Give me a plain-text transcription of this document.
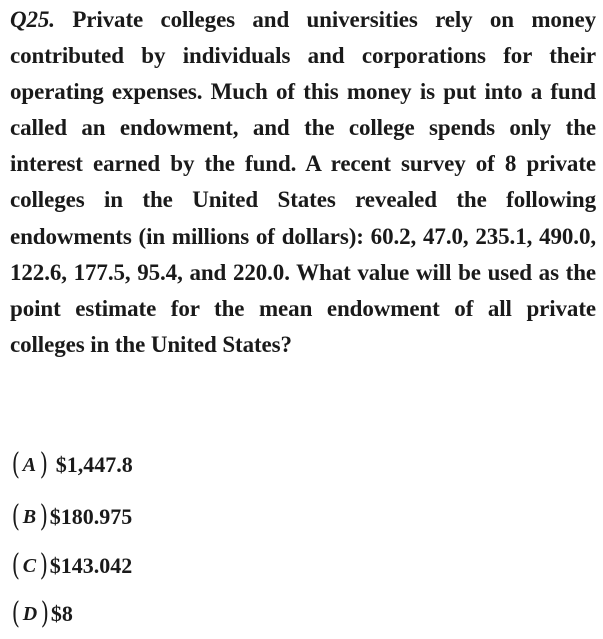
Q25. Private colleges and universities rely on money contributed by individuals and corporations for their operating expenses. Much of this money is put into a fund called an endowment, and the college spends only the interest earned by the fund. A recent survey of 8 private colleges in the United States revealed the following endowments (in millions of dollars): 60.2, 47.0, 235.1, 490.0, 122.6, 177.5, 95.4, and 220.0. What value will be used as the point estimate for the mean endowment of all private colleges in the United States?

( A ) $1,447.8
( B ) $180.975
( C ) $143.042
( D ) $8
